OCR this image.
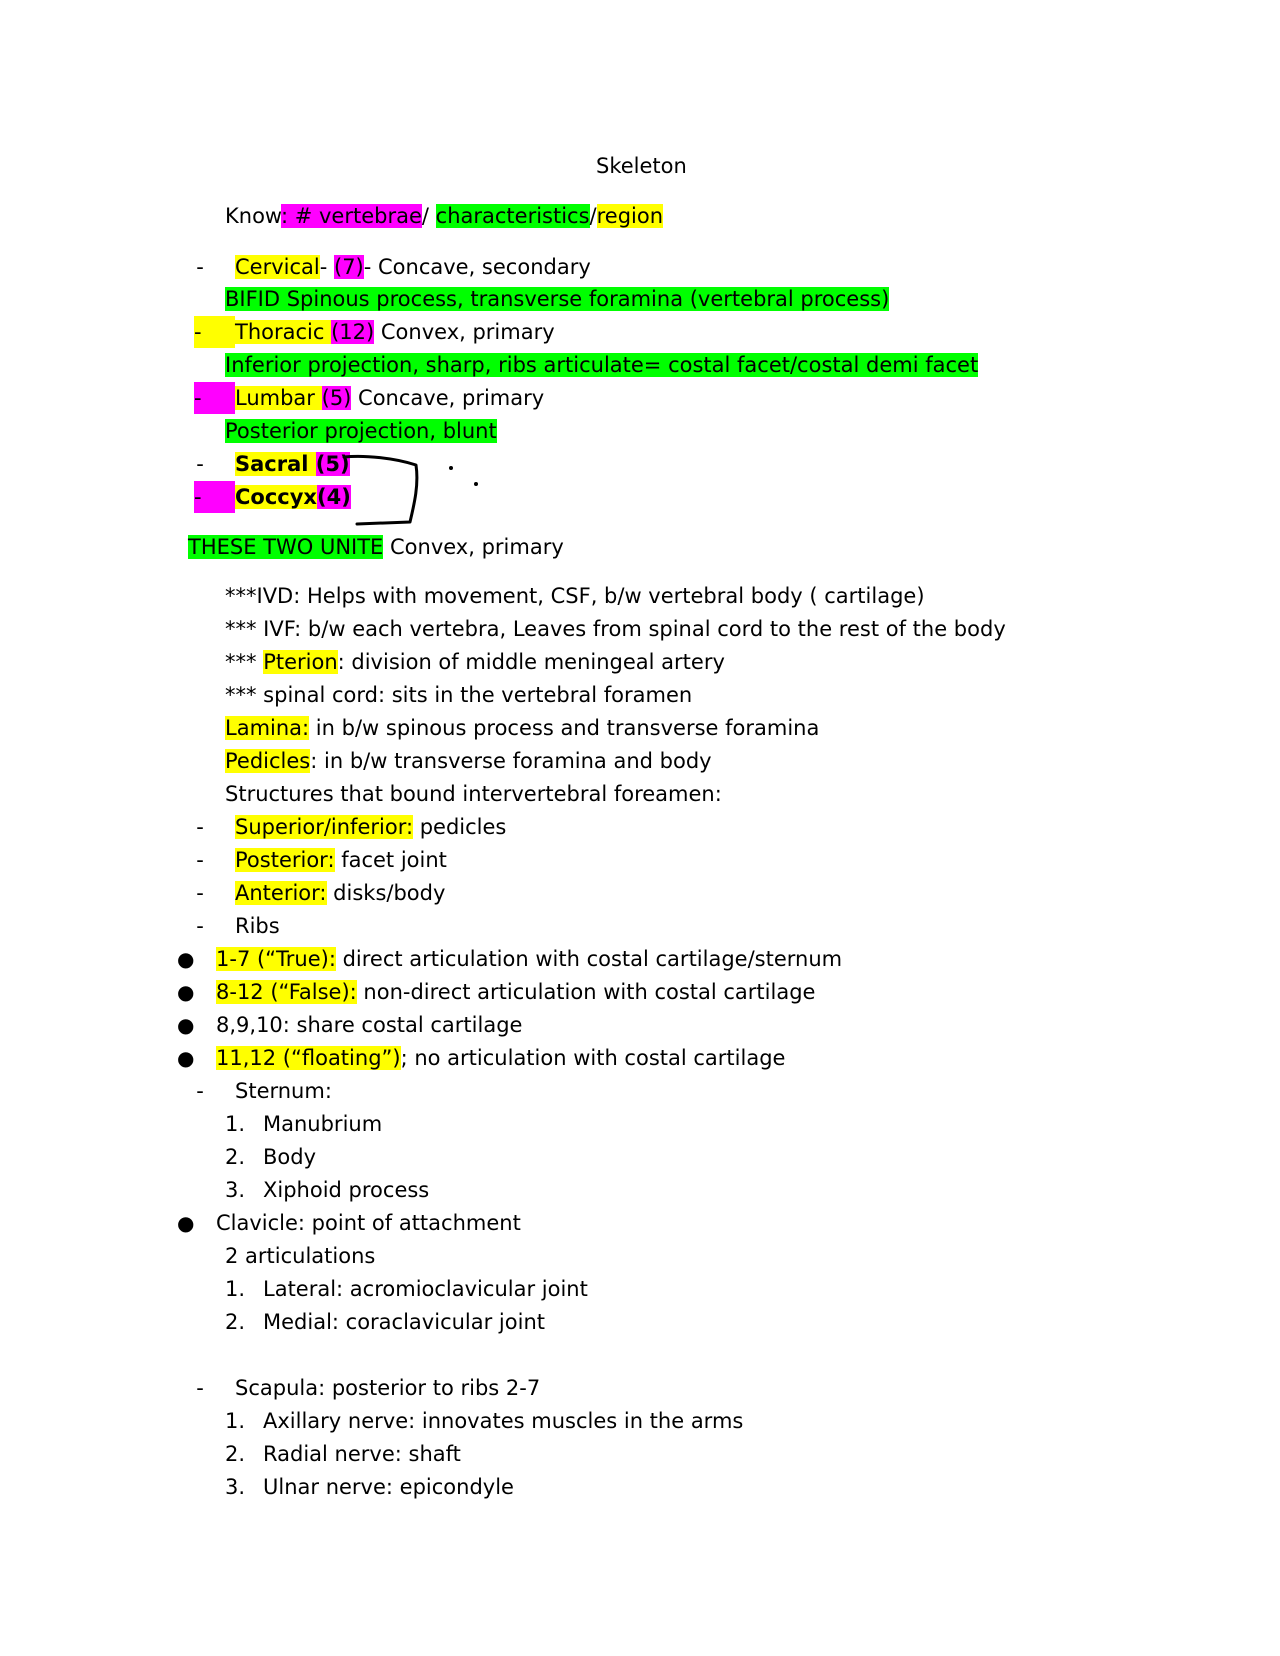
Skeleton
Know: # vertebrae/ characteristics/region
- Cervical- (7)- Concave, secondary
BIFID Spinous process, transverse foramina (vertebral process)
-	Thoracic (12) Convex, primary
Inferior projection, sharp, ribs articulate= costal facet/costal demi facet
-	Lumbar (5) Concave, primary
Posterior projection, blunt
- Sacral (5)
-	Coccyx(4)
THESE TWO UNITE Convex, primary
***IVD: Helps with movement, CSF, b/w vertebral body ( cartilage)
*** IVF: b/w each vertebra, Leaves from spinal cord to the rest of the body
*** Pterion: division of middle meningeal artery
*** spinal cord: sits in the vertebral foramen
Lamina: in b/w spinous process and transverse foramina
Pedicles: in b/w transverse foramina and body
Structures that bound intervertebral foreamen:
- Superior/inferior: pedicles
- Posterior: facet joint
- Anterior: disks/body
- Ribs
● 1-7 (“True): direct articulation with costal cartilage/sternum
● 8-12 (“False): non-direct articulation with costal cartilage
● 8,9,10: share costal cartilage
● 11,12 (“floating”); no articulation with costal cartilage
- Sternum:
1. Manubrium
2. Body
3. Xiphoid process
● Clavicle: point of attachment
2 articulations
1. Lateral: acromioclavicular joint
2. Medial: coraclavicular joint
- Scapula: posterior to ribs 2-7
1. Axillary nerve: innovates muscles in the arms
2. Radial nerve: shaft
3. Ulnar nerve: epicondyle
